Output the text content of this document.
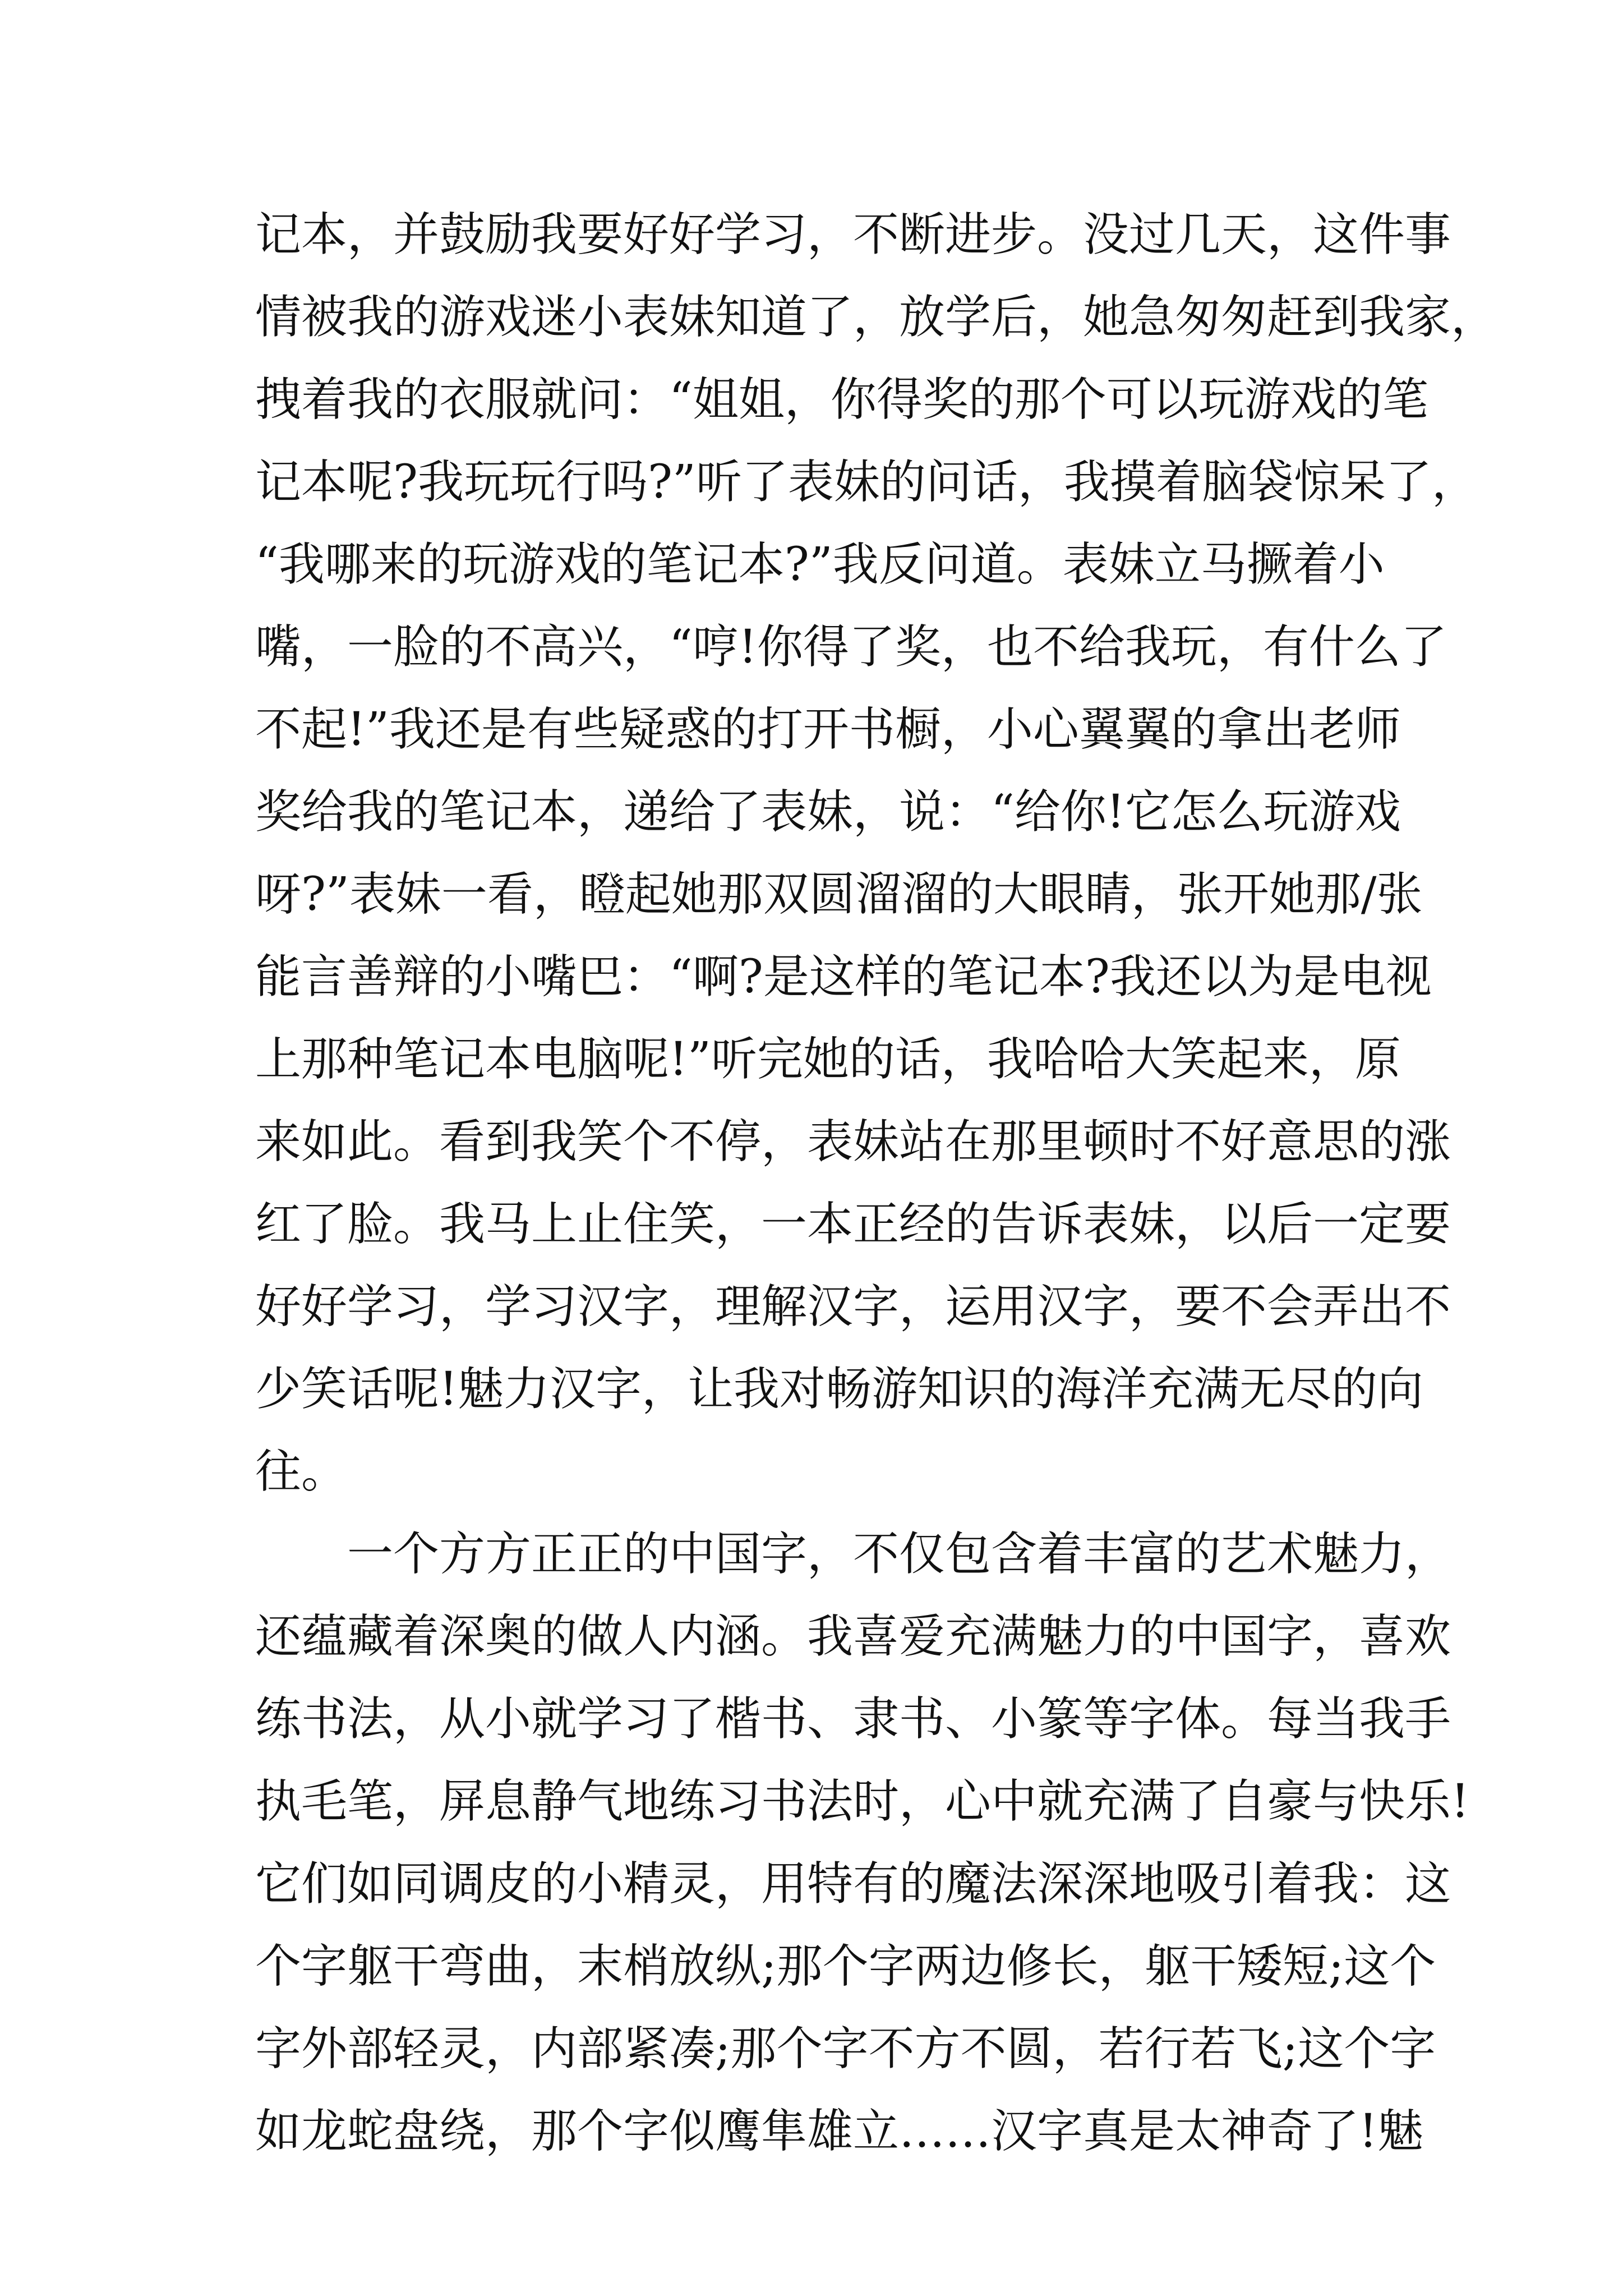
记本，并鼓励我要好好学习，不断进步。没过几天，这件事
情被我的游戏迷小表妹知道了，放学后，她急匆匆赶到我家，
拽着我的衣服就问：“姐姐，你得奖的那个可以玩游戏的笔
记本呢?我玩玩行吗?”听了表妹的问话，我摸着脑袋惊呆了，
“我哪来的玩游戏的笔记本?”我反问道。表妹立马撅着小
嘴，一脸的不高兴，“哼!你得了奖，也不给我玩，有什么了
不起!”我还是有些疑惑的打开书橱，小心翼翼的拿出老师
奖给我的笔记本，递给了表妹，说：“给你!它怎么玩游戏
呀?”表妹一看，瞪起她那双圆溜溜的大眼睛，张开她那/张
能言善辩的小嘴巴：“啊?是这样的笔记本?我还以为是电视
上那种笔记本电脑呢!”听完她的话，我哈哈大笑起来，原
来如此。看到我笑个不停，表妹站在那里顿时不好意思的涨
红了脸。我马上止住笑，一本正经的告诉表妹，以后一定要
好好学习，学习汉字，理解汉字，运用汉字，要不会弄出不
少笑话呢!魅力汉字，让我对畅游知识的海洋充满无尽的向
往。
一个方方正正的中国字，不仅包含着丰富的艺术魅力，
还蕴藏着深奥的做人内涵。我喜爱充满魅力的中国字，喜欢
练书法，从小就学习了楷书、隶书、小篆等字体。每当我手
执毛笔，屏息静气地练习书法时，心中就充满了自豪与快乐!
它们如同调皮的小精灵，用特有的魔法深深地吸引着我：这
个字躯干弯曲，末梢放纵;那个字两边修长，躯干矮短;这个
字外部轻灵，内部紧凑;那个字不方不圆，若行若飞;这个字
如龙蛇盘绕，那个字似鹰隼雄立……汉字真是太神奇了!魅
